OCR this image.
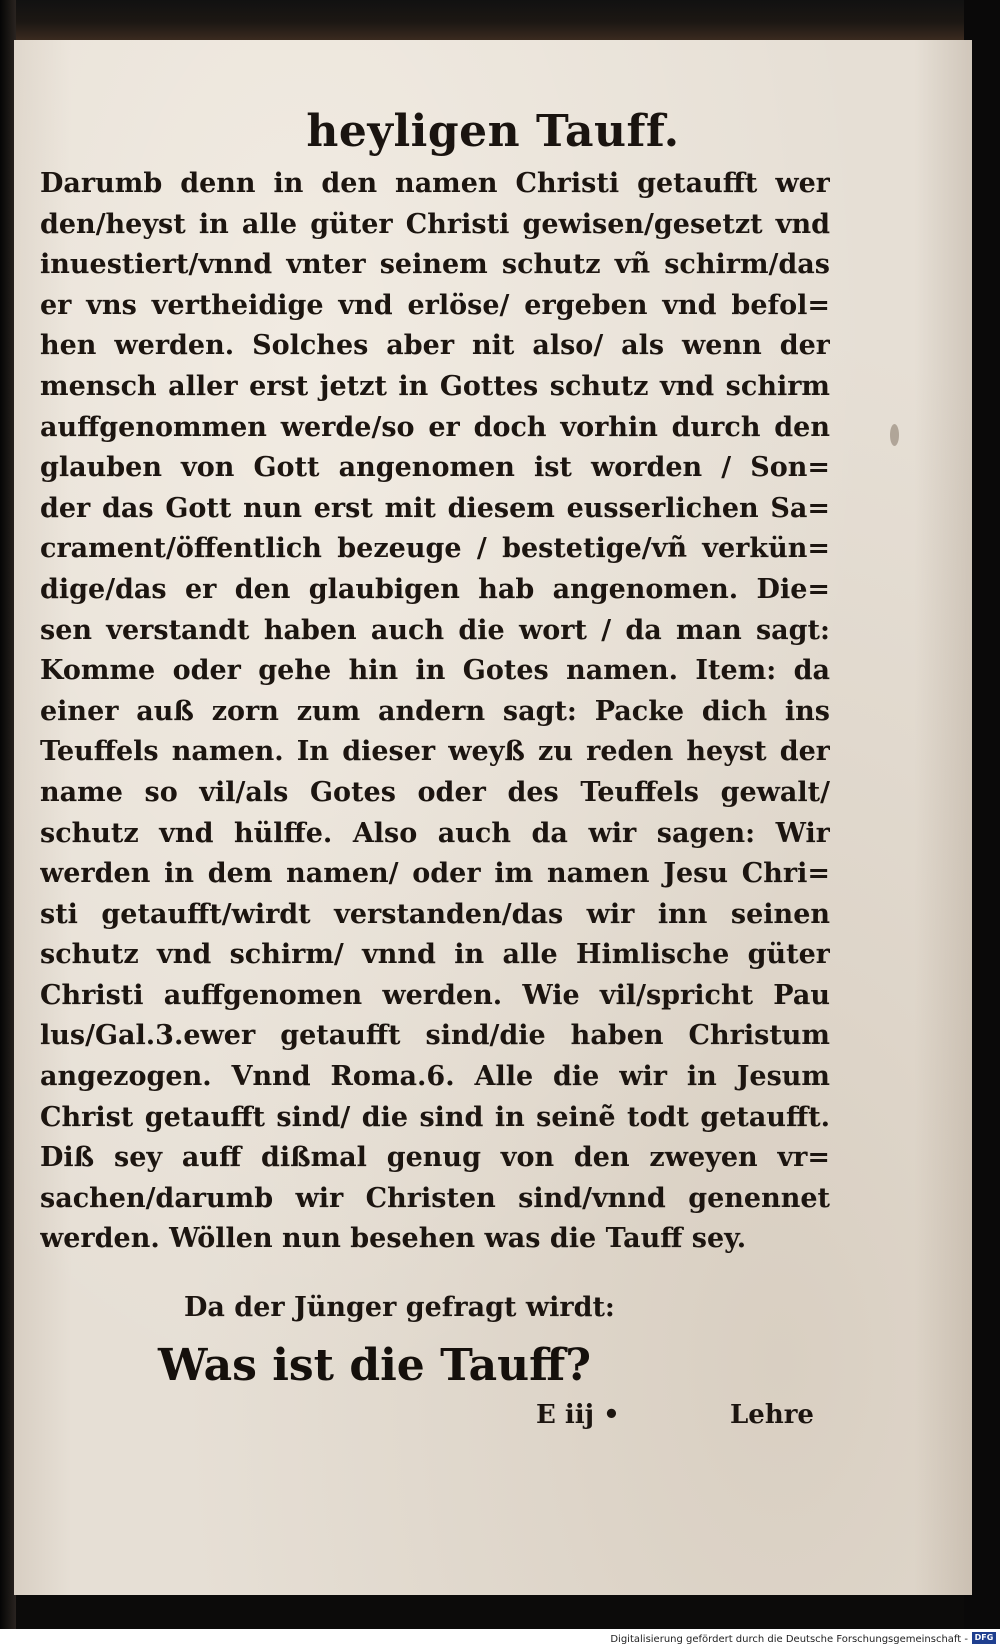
heyligen Tauff.
Darumb denn in den namen Christi getaufft wer
den/heyst in alle güter Christi gewisen/gesetzt vnd
inuestiert/vnnd vnter seinem schutz vñ schirm/das
er vns vertheidige vnd erlöse/ ergeben vnd befol=
hen werden. Solches aber nit also/ als wenn der
mensch aller erst jetzt in Gottes schutz vnd schirm
auffgenommen werde/so er doch vorhin durch den
glauben von Gott angenomen ist worden / Son=
der das Gott nun erst mit diesem eusserlichen Sa=
crament/öffentlich bezeuge / bestetige/vñ verkün=
dige/das er den glaubigen hab angenomen. Die=
sen verstandt haben auch die wort / da man sagt:
Komme oder gehe hin in Gotes namen. Item: da
einer auß zorn zum andern sagt: Packe dich ins
Teuffels namen. In dieser weyß zu reden heyst der
name so vil/als Gotes oder des Teuffels gewalt/
schutz vnd hülffe. Also auch da wir sagen: Wir
werden in dem namen/ oder im namen Jesu Chri=
sti getaufft/wirdt verstanden/das wir inn seinen
schutz vnd schirm/ vnnd in alle Himlische güter
Christi auffgenomen werden. Wie vil/spricht Pau
lus/Gal.3.ewer getaufft sind/die haben Christum
angezogen. Vnnd Roma.6. Alle die wir in Jesum
Christ getaufft sind/ die sind in seinẽ todt getaufft.
Diß sey auff dißmal genug von den zweyen vr=
sachen/darumb wir Christen sind/vnnd genennet
werden. Wöllen nun besehen was die Tauff sey.

Da der Jünger gefragt wirdt:

Was ist die Tauff?
E iij •	Lehre
Digitalisierung gefördert durch die Deutsche Forschungsgemeinschaft - DFG
